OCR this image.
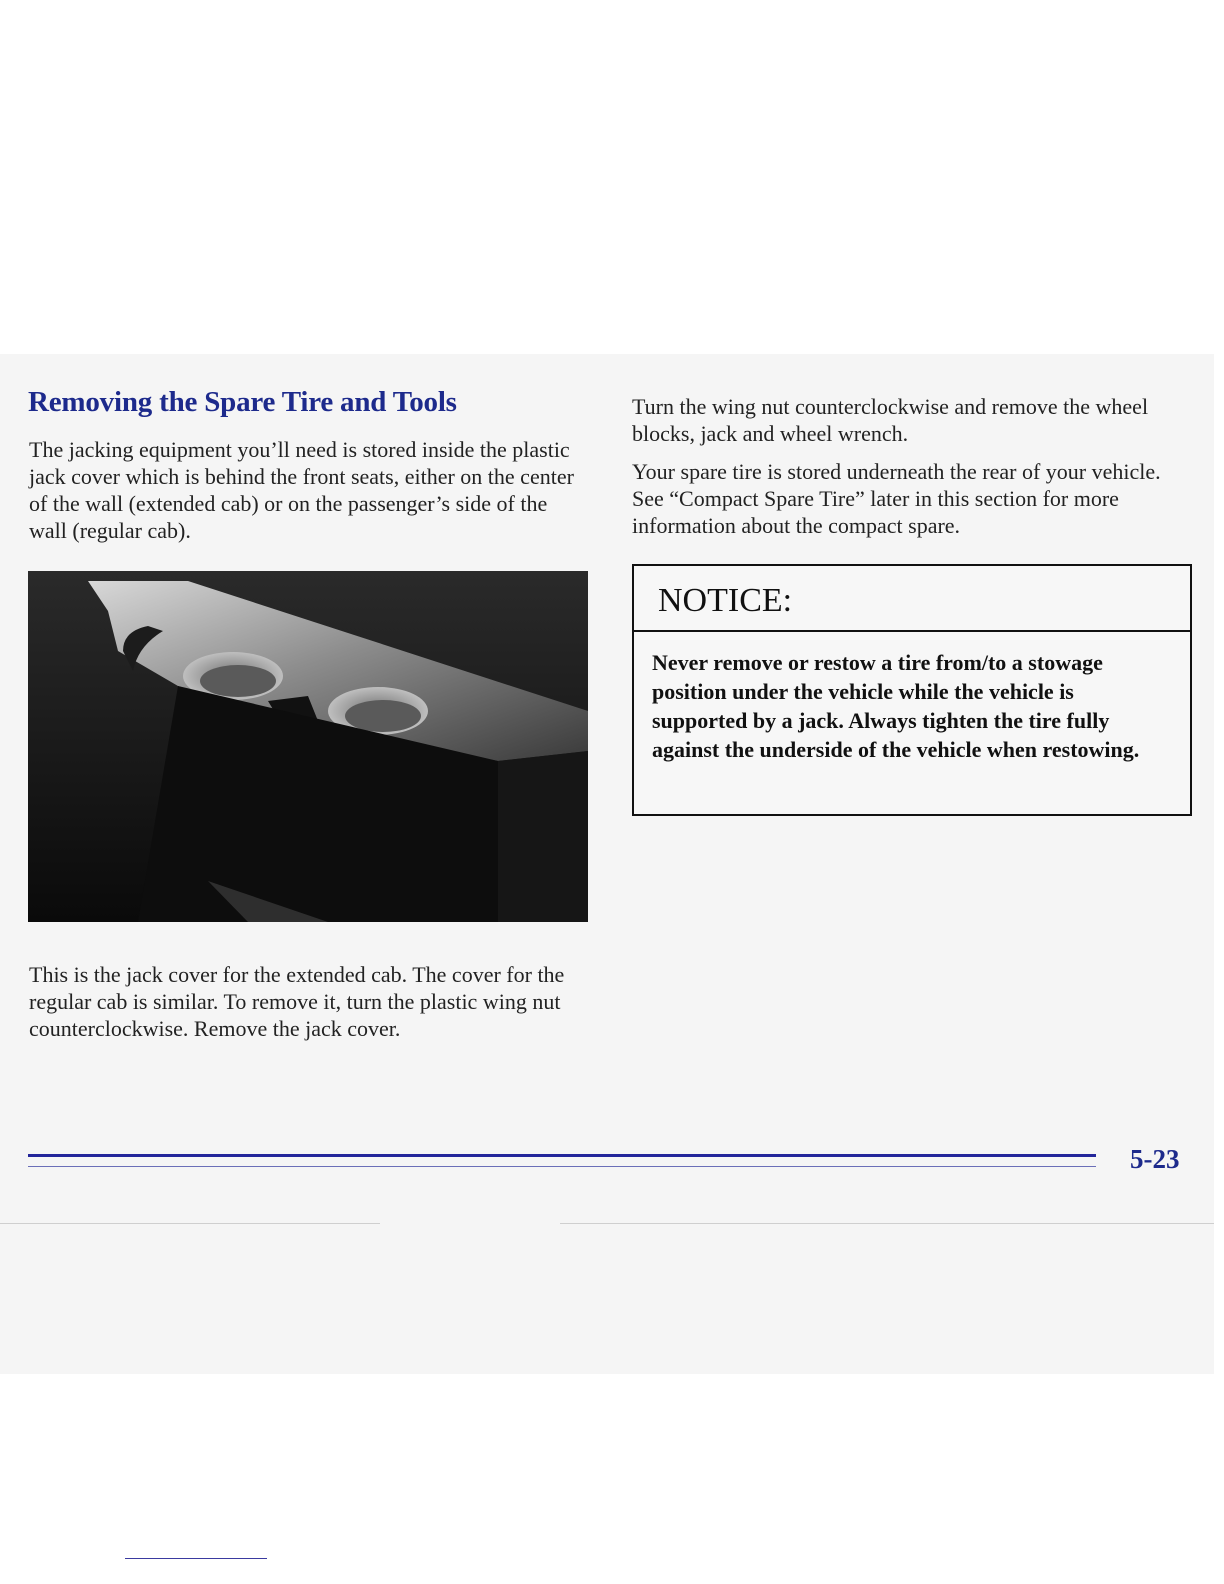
Removing the Spare Tire and Tools

The jacking equipment you’ll need is stored inside the plastic jack cover which is behind the front seats, either on the center of the wall (extended cab) or on the passenger’s side of the wall (regular cab).

This is the jack cover for the extended cab. The cover for the regular cab is similar. To remove it, turn the plastic wing nut counterclockwise. Remove the jack cover.

Turn the wing nut counterclockwise and remove the wheel blocks, jack and wheel wrench.

Your spare tire is stored underneath the rear of your vehicle. See “Compact Spare Tire” later in this section for more information about the compact spare.

NOTICE:
Never remove or restow a tire from/to a stowage position under the vehicle while the vehicle is supported by a jack. Always tighten the tire fully against the underside of the vehicle when restowing.
5-23
